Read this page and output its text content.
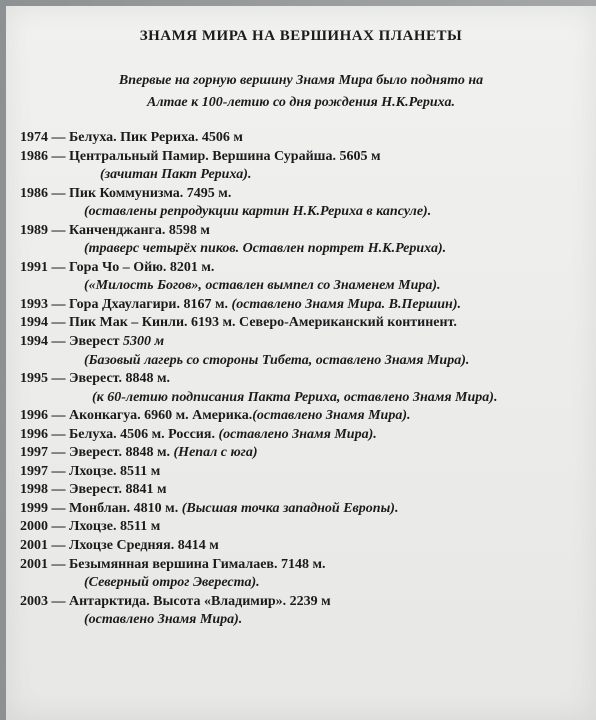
ЗНАМЯ МИРА НА ВЕРШИНАХ ПЛАНЕТЫ
Впервые на горную вершину Знамя Мира было поднято на
Алтае к 100-летию со дня рождения Н.К.Рериха.
1974 — Белуха. Пик Рериха. 4506 м
1986 — Центральный Памир. Вершина Сурайша. 5605 м
(зачитан Пакт Рериха).
1986 — Пик Коммунизма. 7495 м.
(оставлены репродукции картин Н.К.Рериха в капсуле).
1989 — Канченджанга. 8598 м
(траверс четырёх пиков. Оставлен портрет Н.К.Рериха).
1991 — Гора Чо – Ойю. 8201 м.
(«Милость Богов», оставлен вымпел со Знаменем Мира).
1993 — Гора Дхаулагири. 8167 м. (оставлено Знамя Мира. В.Першин).
1994 — Пик Мак – Кинли. 6193 м. Северо-Американский континент.
1994 — Эверест 5300 м
(Базовый лагерь со стороны Тибета, оставлено Знамя Мира).
1995 — Эверест. 8848 м.
(к 60-летию подписания Пакта Рериха, оставлено Знамя Мира).
1996 — Аконкагуа. 6960 м. Америка.(оставлено Знамя Мира).
1996 — Белуха. 4506 м. Россия. (оставлено Знамя Мира).
1997 — Эверест. 8848 м. (Непал с юга)
1997 — Лхоцзе. 8511 м
1998 — Эверест. 8841 м
1999 — Монблан. 4810 м. (Высшая точка западной Европы).
2000 — Лхоцзе. 8511 м
2001 — Лхоцзе Средняя. 8414 м
2001 — Безымянная вершина Гималаев. 7148 м.
(Северный отрог Эвереста).
2003 — Антарктида. Высота «Владимир». 2239 м
(оставлено Знамя Мира).
